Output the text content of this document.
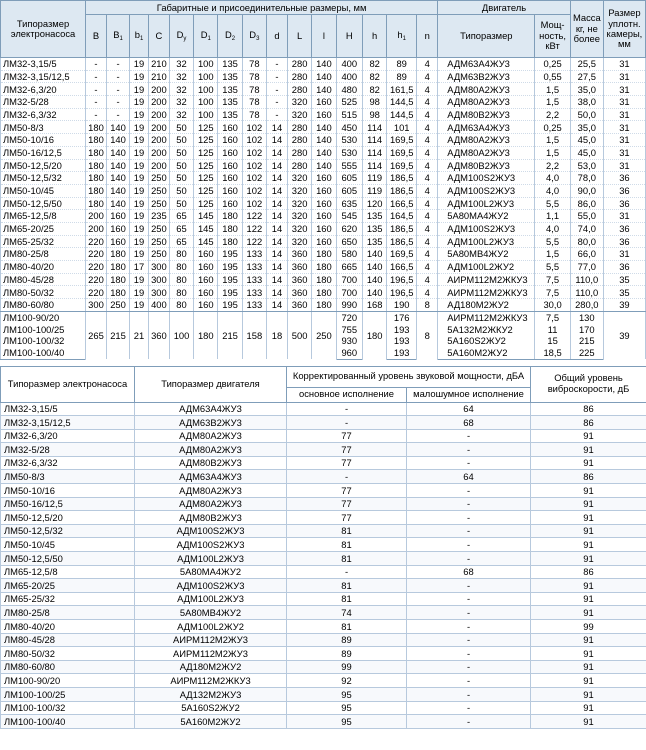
Типоразмер электронасоса	Габаритные и присоединительные размеры, мм															Двигатель		Масса кг, не более	Размер уплотн. камеры, мм
	B	$B_1$	$b_1$	C	$D_у$	$D_1$	$D_2$	$D_3$	d	L	l	H	h	$h_1$	n	Типоразмер	Мощ-ность, кВт		
ЛМ32-3,15/5	-	-	19	210	32	100	135	78	-	280	140	400	82	89	4	АДМ63А4ЖУ3	0,25	25,5	31
ЛМ32-3,15/12,5	-	-	19	210	32	100	135	78	-	280	140	400	82	89	4	АДМ63В2ЖУ3	0,55	27,5	31
ЛМ32-6,3/20	-	-	19	200	32	100	135	78	-	280	140	480	82	161,5	4	АДМ80А2ЖУ3	1,5	35,0	31
ЛМ32-5/28	-	-	19	200	32	100	135	78	-	320	160	525	98	144,5	4	АДМ80А2ЖУ3	1,5	38,0	31
ЛМ32-6,3/32	-	-	19	200	32	100	135	78	-	320	160	515	98	144,5	4	АДМ80В2ЖУ3	2,2	50,0	31
ЛМ50-8/3	180	140	19	200	50	125	160	102	14	280	140	450	114	101	4	АДМ63А4ЖУ3	0,25	35,0	31
ЛМ50-10/16	180	140	19	200	50	125	160	102	14	280	140	530	114	169,5	4	АДМ80А2ЖУ3	1,5	45,0	31
ЛМ50-16/12,5	180	140	19	200	50	125	160	102	14	280	140	530	114	169,5	4	АДМ80А2ЖУ3	1,5	45,0	31
ЛМ50-12,5/20	180	140	19	200	50	125	160	102	14	280	140	555	114	169,5	4	АДМ80В2ЖУ3	2,2	53,0	31
ЛМ50-12,5/32	180	140	19	250	50	125	160	102	14	320	160	605	119	186,5	4	АДМ100S2ЖУ3	4,0	78,0	36
ЛМ50-10/45	180	140	19	250	50	125	160	102	14	320	160	605	119	186,5	4	АДМ100S2ЖУ3	4,0	90,0	36
ЛМ50-12,5/50	180	140	19	250	50	125	160	102	14	320	160	635	120	166,5	4	АДМ100L2ЖУ3	5,5	86,0	36
ЛМ65-12,5/8	200	160	19	235	65	145	180	122	14	320	160	545	135	164,5	4	5А80МА4ЖУ2	1,1	55,0	31
ЛМ65-20/25	200	160	19	250	65	145	180	122	14	320	160	620	135	186,5	4	АДМ100S2ЖУ3	4,0	74,0	36
ЛМ65-25/32	220	160	19	250	65	145	180	122	14	320	160	650	135	186,5	4	АДМ100L2ЖУ3	5,5	80,0	36
ЛМ80-25/8	220	180	19	250	80	160	195	133	14	360	180	580	140	169,5	4	5А80МВ4ЖУ2	1,5	66,0	31
ЛМ80-40/20	220	180	17	300	80	160	195	133	14	360	180	665	140	166,5	4	АДМ100L2ЖУ2	5,5	77,0	36
ЛМ80-45/28	220	180	19	300	80	160	195	133	14	360	180	700	140	196,5	4	АИРМ112М2ЖКУ3	7,5	110,0	35
ЛМ80-50/32	220	180	19	300	80	160	195	133	14	360	180	700	140	196,5	4	АИРМ112М2ЖКУ3	7,5	110,0	35
ЛМ80-60/80	300	250	19	400	80	160	195	133	14	360	180	990	168	190	8	АД180М2ЖУ2	30,0	280,0	39
ЛМ100-90/20	265	215	21	360	100	180	215	158	18	500	250	720	180	176	8	АИРМ112М2ЖКУ3	7,5	130	39
ЛМ100-100/25												755		193		5А132М2ЖКУ2	11	170	
ЛМ100-100/32												930		193		5А160S2ЖУ2	15	215	
ЛМ100-100/40												960		193		5А160М2ЖУ2	18,5	225	
Типоразмер электронасоса	Типоразмер двигателя	Корректированный уровень звуковой мощности, дБА		Общий уровень виброскорости, дБ
		основное исполнение	малошумное исполнение	
ЛМ32-3,15/5	АДМ63А4ЖУ3	-	64	86
ЛМ32-3,15/12,5	АДМ63В2ЖУ3	-	68	86
ЛМ32-6,3/20	АДМ80А2ЖУ3	77	-	91
ЛМ32-5/28	АДМ80А2ЖУ3	77	-	91
ЛМ32-6,3/32	АДМ80В2ЖУ3	77	-	91
ЛМ50-8/3	АДМ63А4ЖУ3	-	64	86
ЛМ50-10/16	АДМ80А2ЖУ3	77	-	91
ЛМ50-16/12,5	АДМ80А2ЖУ3	77	-	91
ЛМ50-12,5/20	АДМ80В2ЖУ3	77	-	91
ЛМ50-12,5/32	АДМ100S2ЖУ3	81	-	91
ЛМ50-10/45	АДМ100S2ЖУ3	81	-	91
ЛМ50-12,5/50	АДМ100L2ЖУ3	81	-	91
ЛМ65-12,5/8	5А80МА4ЖУ2	-	68	86
ЛМ65-20/25	АДМ100S2ЖУ3	81	-	91
ЛМ65-25/32	АДМ100L2ЖУ3	81	-	91
ЛМ80-25/8	5А80МВ4ЖУ2	74	-	91
ЛМ80-40/20	АДМ100L2ЖУ2	81	-	99
ЛМ80-45/28	АИРМ112М2ЖУ3	89	-	91
ЛМ80-50/32	АИРМ112М2ЖУ3	89	-	91
ЛМ80-60/80	АД180М2ЖУ2	99	-	91
ЛМ100-90/20	АИРМ112М2ЖКУ3	92	-	91
ЛМ100-100/25	АД132М2ЖУ3	95	-	91
ЛМ100-100/32	5А160S2ЖУ2	95	-	91
ЛМ100-100/40	5А160М2ЖУ2	95	-	91
